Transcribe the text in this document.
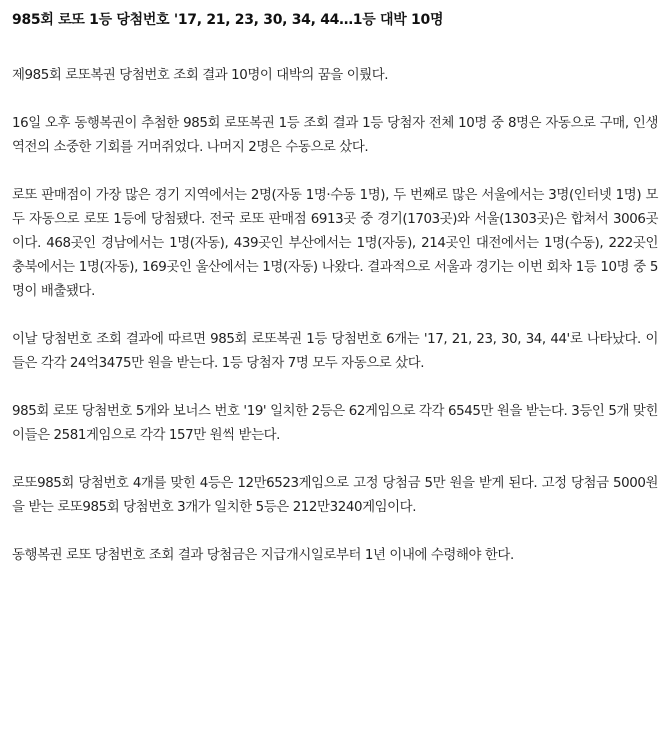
985회 로또 1등 당첨번호 '17, 21, 23, 30, 34, 44…1등 대박 10명

제985회 로또복권 당첨번호 조회 결과 10명이 대박의 꿈을 이뤘다.

16일 오후 동행복권이 추첨한 985회 로또복권 1등 조회 결과 1등 당첨자 전체 10명 중 8명은 자동으로 구매, 인생 역전의 소중한 기회를 거머쥐었다. 나머지 2명은 수동으로 샀다.

로또 판매점이 가장 많은 경기 지역에서는 2명(자동 1명·수동 1명), 두 번째로 많은 서울에서는 3명(인터넷 1명) 모두 자동으로 로또 1등에 당첨됐다. 전국 로또 판매점 6913곳 중 경기(1703곳)와 서울(1303곳)은 합쳐서 3006곳이다. 468곳인 경남에서는 1명(자동), 439곳인 부산에서는 1명(자동), 214곳인 대전에서는 1명(수동), 222곳인 충북에서는 1명(자동), 169곳인 울산에서는 1명(자동) 나왔다. 결과적으로 서울과 경기는 이번 회차 1등 10명 중 5명이 배출됐다.

이날 당첨번호 조회 결과에 따르면 985회 로또복권 1등 당첨번호 6개는 '17, 21, 23, 30, 34, 44'로 나타났다. 이들은 각각 24억3475만 원을 받는다. 1등 당첨자 7명 모두 자동으로 샀다.

985회 로또 당첨번호 5개와 보너스 번호 '19' 일치한 2등은 62게임으로 각각 6545만 원을 받는다. 3등인 5개 맞힌 이들은 2581게임으로 각각 157만 원씩 받는다.

로또985회 당첨번호 4개를 맞힌 4등은 12만6523게임으로 고정 당첨금 5만 원을 받게 된다. 고정 당첨금 5000원을 받는 로또985회 당첨번호 3개가 일치한 5등은 212만3240게임이다.

동행복권 로또 당첨번호 조회 결과 당첨금은 지급개시일로부터 1년 이내에 수령해야 한다.
